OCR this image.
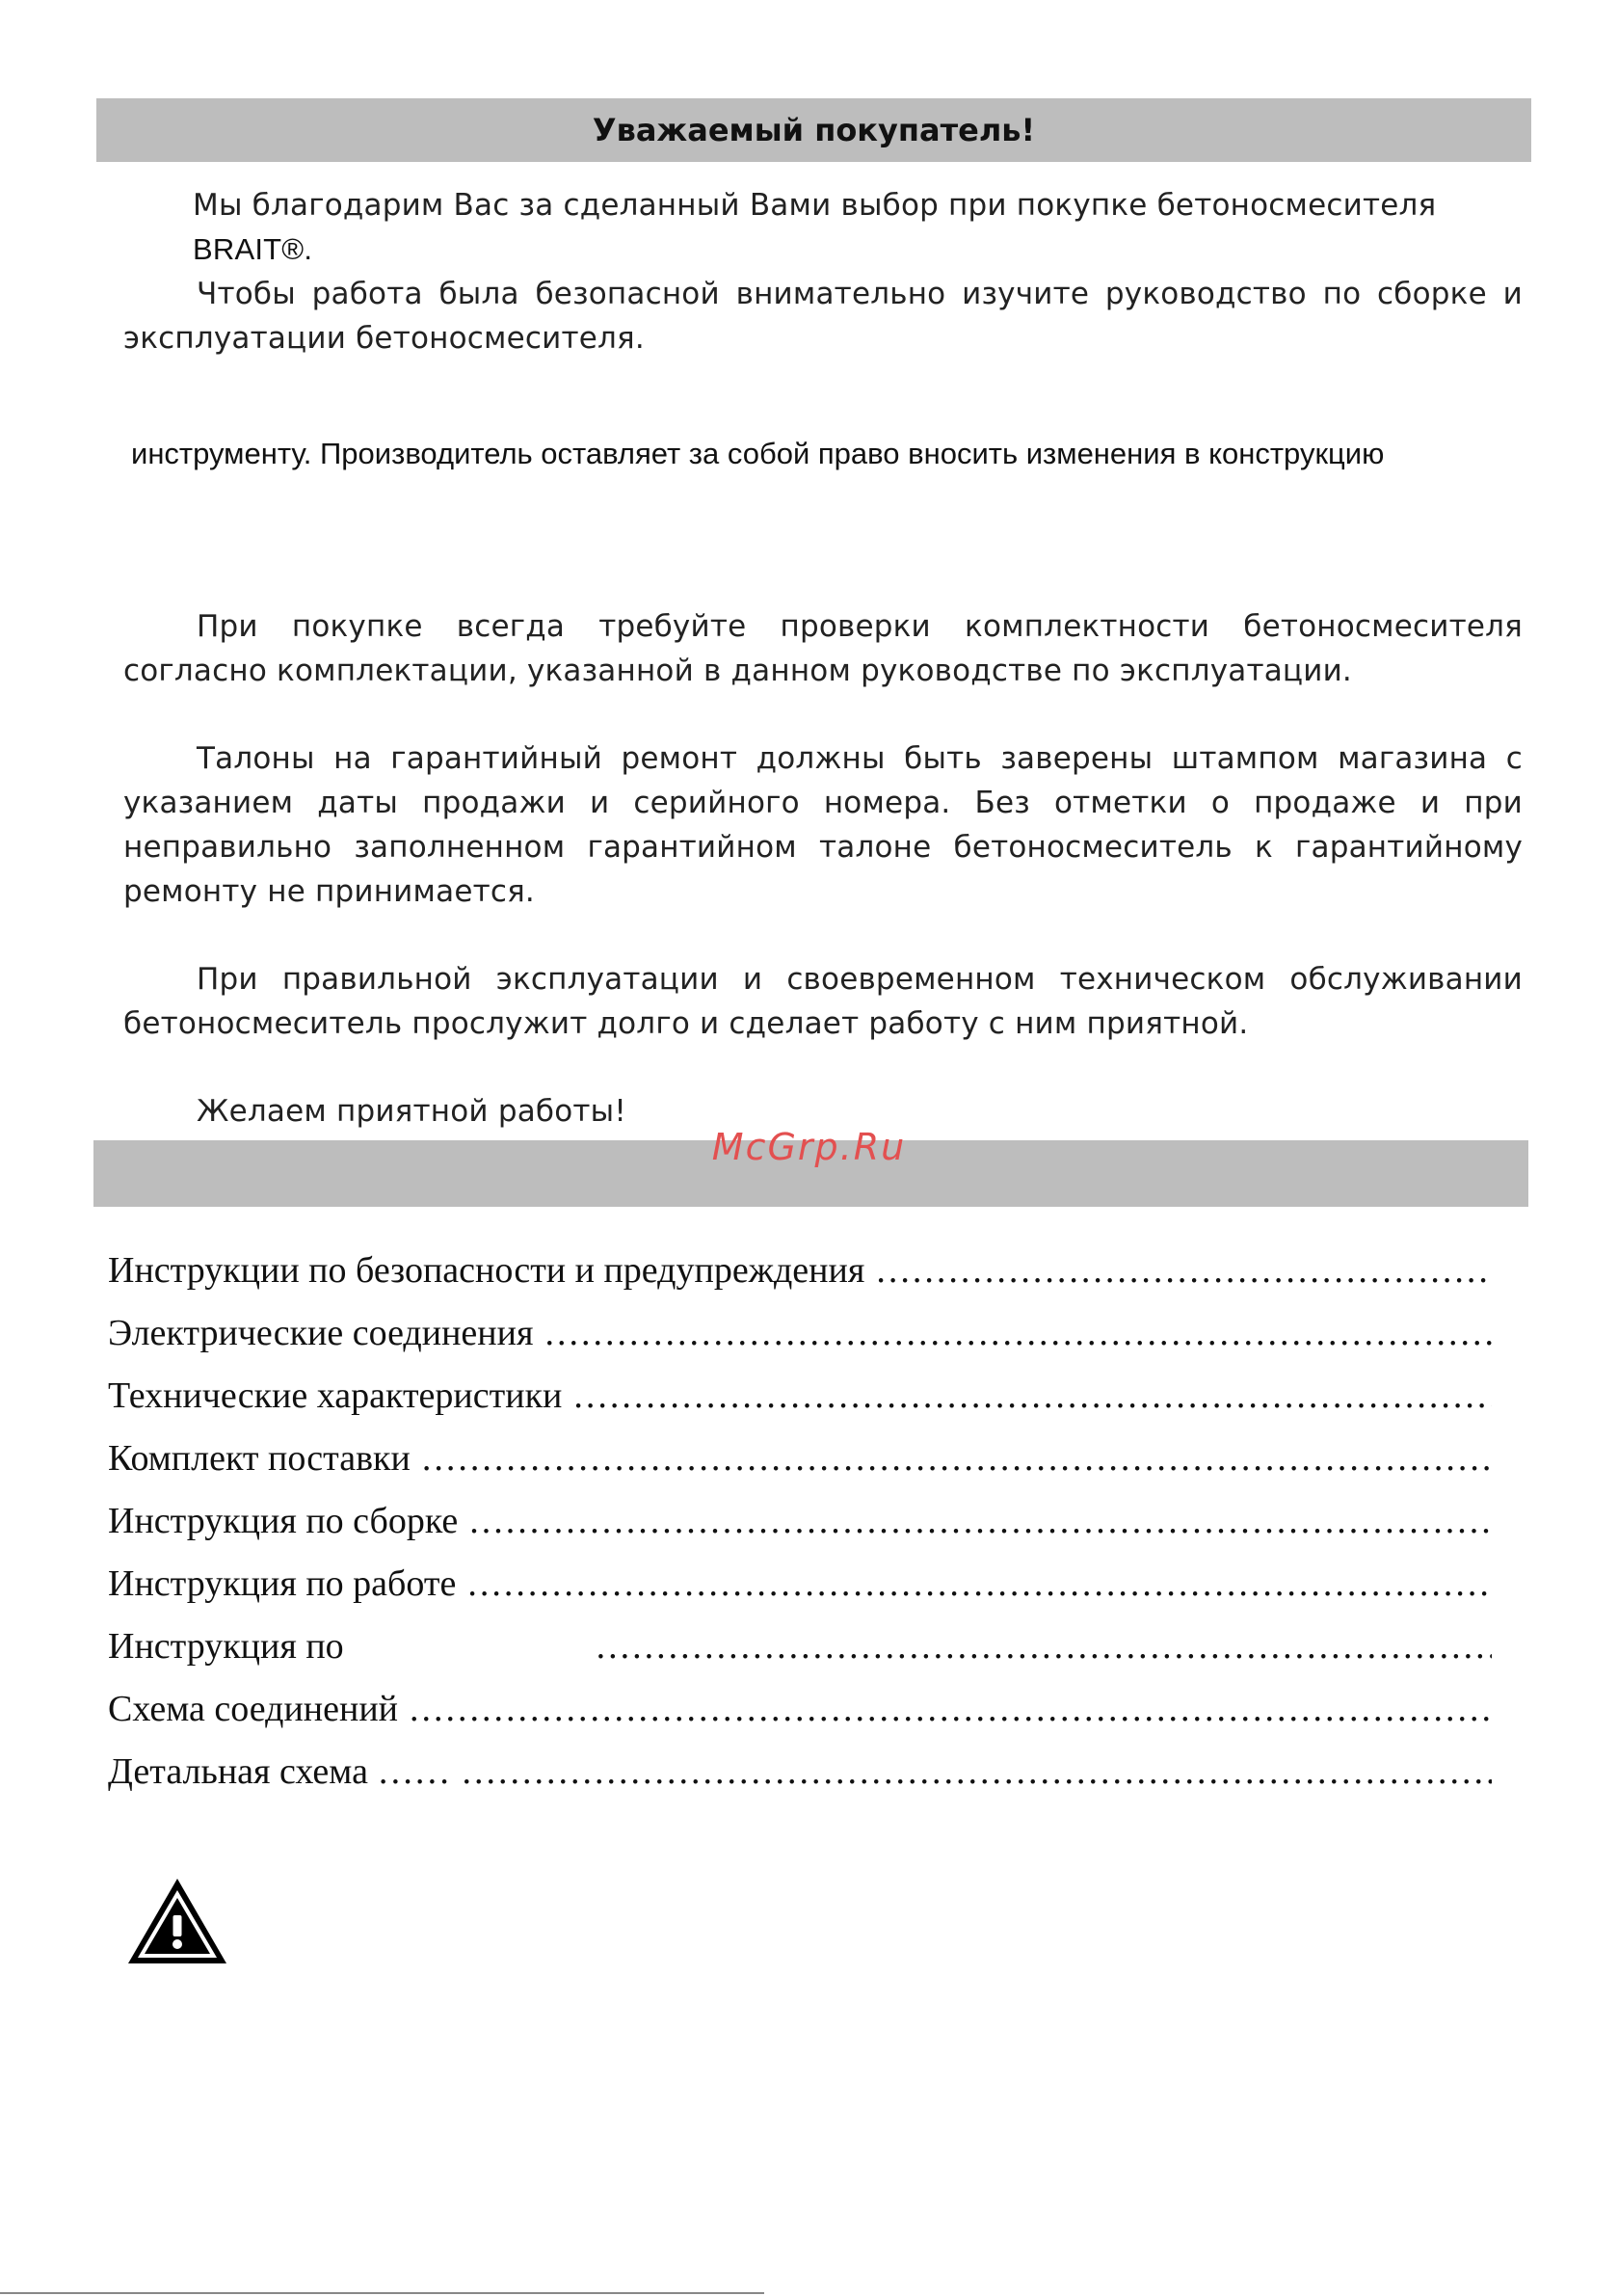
Уважаемый покупатель!
Мы благодарим Вас за сделанный Вами выбор при покупке бетоносмесителя BRAIT®.
Чтобы работа была безопасной внимательно изучите руководство по сборке и эксплуатации бетоносмесителя.
инструменту. Производитель оставляет за собой право вносить изменения в конструкцию
При покупке всегда требуйте проверки комплектности бетоносмесителя согласно комплектации, указанной в данном руководстве по эксплуатации.
Талоны на гарантийный ремонт должны быть заверены штампом магазина с указанием даты продажи и серийного номера. Без отметки о продаже и при неправильно заполненном гарантийном талоне бетоносмеситель к гарантийному ремонту не принимается.
При правильной эксплуатации и своевременном техническом обслуживании бетоносмеситель прослужит долго и сделает работу с ним приятной.
Желаем приятной работы!
McGrp.Ru
Инструкции по безопасности и предупреждения
.....
Электрические соединения
.....
Технические характеристики
.....
Комплект поставки
.....
Инструкция по сборке
.....
Инструкция по работе
.....
Инструкция по
.....
Схема соединений
.....
Детальная схема ……
.....
